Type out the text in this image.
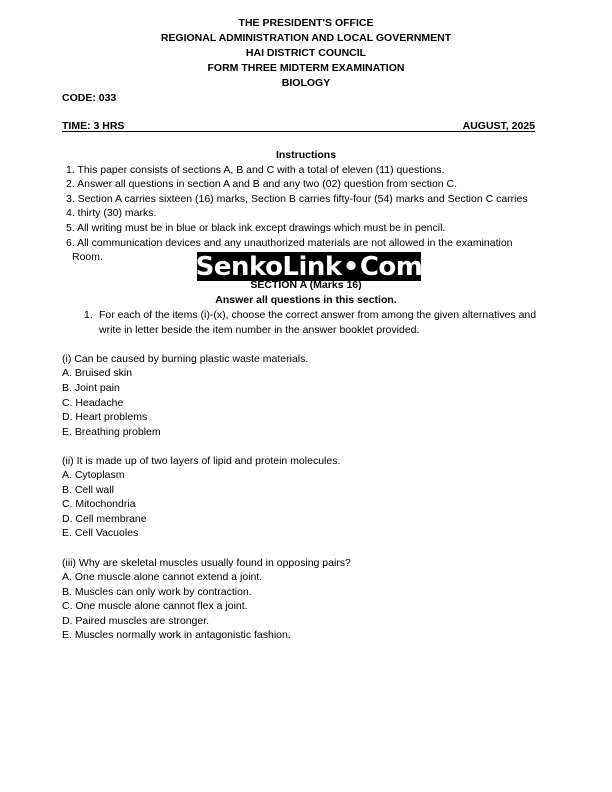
THE PRESIDENT'S OFFICE
REGIONAL ADMINISTRATION AND LOCAL GOVERNMENT
HAI DISTRICT COUNCIL
FORM THREE MIDTERM EXAMINATION
BIOLOGY
CODE: 033
TIME: 3 HRS	AUGUST, 2025
Instructions
1. This paper consists of sections A, B and C with a total of eleven (11) questions.
2. Answer all questions in section A and B and any two (02) question from section C.
3. Section A carries sixteen (16) marks, Section B carries fifty-four (54) marks and Section C carries
4. thirty (30) marks.
5. All writing must be in blue or black ink except drawings which must be in pencil.
6. All communication devices and any unauthorized materials are not allowed in the examination
Room.	SenkoLink • Com
SECTION A (Marks 16)
Answer all questions in this section.
1. For each of the items (i)-(x), choose the correct answer from among the given alternatives and
write in letter beside the item number in the answer booklet provided.
(i) Can be caused by burning plastic waste materials.
A. Bruised skin
B. Joint pain
C. Headache
D. Heart problems
E. Breathing problem
(ii) It is made up of two layers of lipid and protein molecules.
A. Cytoplasm
B. Cell wall
C. Mitochondria
D. Cell membrane
E. Cell Vacuoles
(iii) Why are skeletal muscles usually found in opposing pairs?
A. One muscle alone cannot extend a joint.
B. Muscles can only work by contraction.
C. One muscle alone cannot flex a joint.
D. Paired muscles are stronger.
E. Muscles normally work in antagonistic fashion.
